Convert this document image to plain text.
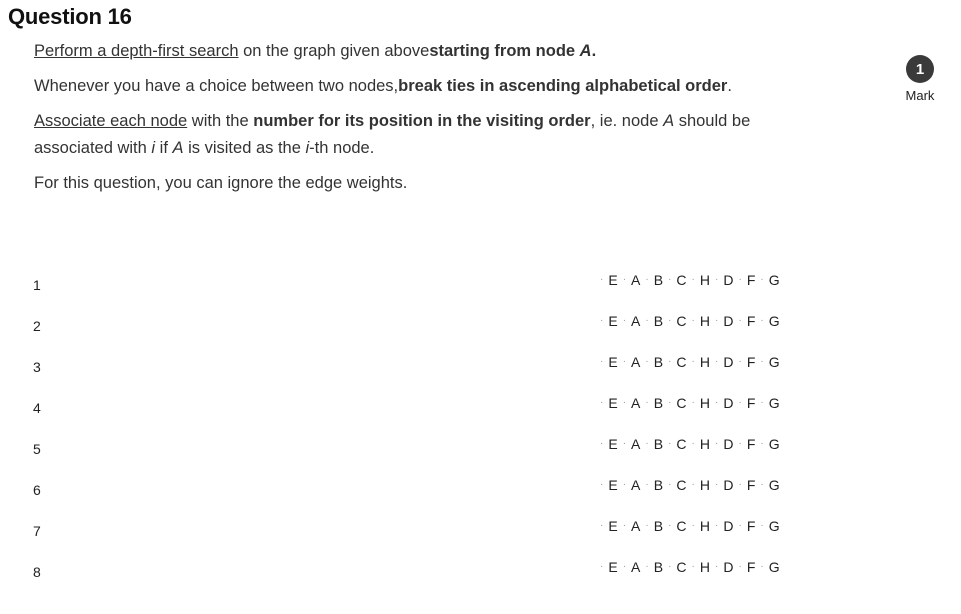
Question 16

Perform a depth-first search on the graph given abovestarting from node A.

Whenever you have a choice between two nodes,break ties in ascending alphabetical order.

Associate each node with the number for its position in the visiting order, ie. node A should be associated with i if A is visited as the i-th node.

For this question, you can ignore the edge weights.

1
Mark
1	· E · A · B · C · H · D · F · G
2	· E · A · B · C · H · D · F · G
3	· E · A · B · C · H · D · F · G
4	· E · A · B · C · H · D · F · G
5	· E · A · B · C · H · D · F · G
6	· E · A · B · C · H · D · F · G
7	· E · A · B · C · H · D · F · G
8	· E · A · B · C · H · D · F · G
